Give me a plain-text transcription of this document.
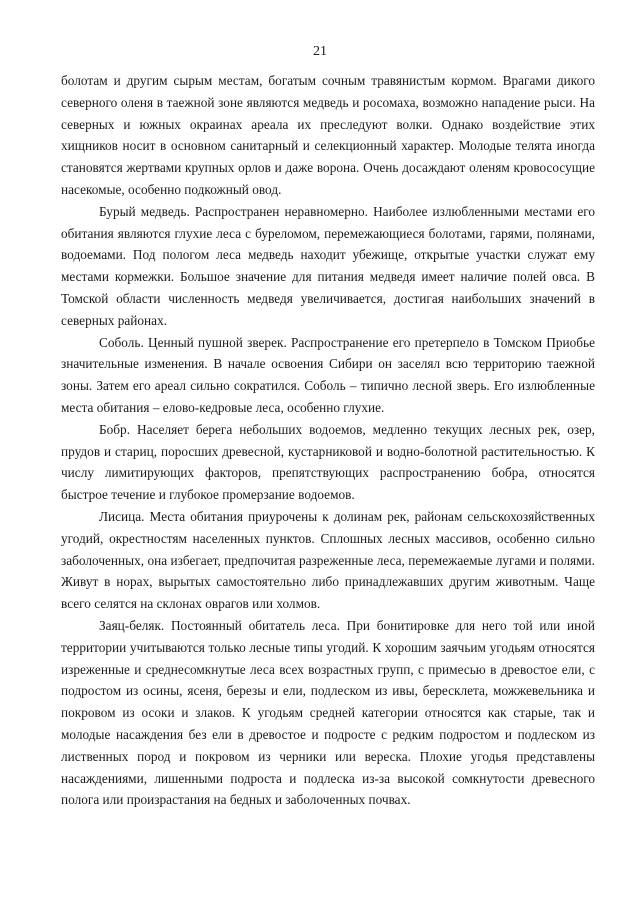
21

болотам и другим сырым местам, богатым сочным травянистым кормом. Врагами дикого северного оленя в таежной зоне являются медведь и росомаха, возможно нападение рыси. На северных и южных окраинах ареала их преследуют волки. Однако воздействие этих хищников носит в основном санитарный и селекционный характер. Молодые телята иногда становятся жертвами крупных орлов и даже ворона. Очень досаждают оленям кровососущие насекомые, особенно подкожный овод.

Бурый медведь. Распространен неравномерно. Наиболее излюбленными местами его обитания являются глухие леса с буреломом, перемежающиеся болотами, гарями, полянами, водоемами. Под пологом леса медведь находит убежище, открытые участки служат ему местами кормежки. Большое значение для питания медведя имеет наличие полей овса. В Томской области численность медведя увеличивается, достигая наибольших значений в северных районах.

Соболь. Ценный пушной зверек. Распространение его претерпело в Томском Приобье значительные изменения. В начале освоения Сибири он заселял всю территорию таежной зоны. Затем его ареал сильно сократился. Соболь – типично лесной зверь. Его излюбленные места обитания – елово-кедровые леса, особенно глухие.

Бобр. Населяет берега небольших водоемов, медленно текущих лесных рек, озер, прудов и стариц, поросших древесной, кустарниковой и водно-болотной растительностью. К числу лимитирующих факторов, препятствующих распространению бобра, относятся быстрое течение и глубокое промерзание водоемов.

Лисица. Места обитания приурочены к долинам рек, районам сельскохозяйственных угодий, окрестностям населенных пунктов. Сплошных лесных массивов, особенно сильно заболоченных, она избегает, предпочитая разреженные леса, перемежаемые лугами и полями. Живут в норах, вырытых самостоятельно либо принадлежавших другим животным. Чаще всего селятся на склонах оврагов или холмов.

Заяц-беляк. Постоянный обитатель леса. При бонитировке для него той или иной территории учитываются только лесные типы угодий. К хорошим заячьим угодьям относятся изреженные и среднесомкнутые леса всех возрастных групп, с примесью в древостое ели, с подростом из осины, ясеня, березы и ели, подлеском из ивы, бересклета, можжевельника и покровом из осоки и злаков. К угодьям средней категории относятся как старые, так и молодые насаждения без ели в древостое и подросте с редким подростом и подлеском из лиственных пород и покровом из черники или вереска. Плохие угодья представлены насаждениями, лишенными подроста и подлеска из-за высокой сомкнутости древесного полога или произрастания на бедных и заболоченных почвах.
